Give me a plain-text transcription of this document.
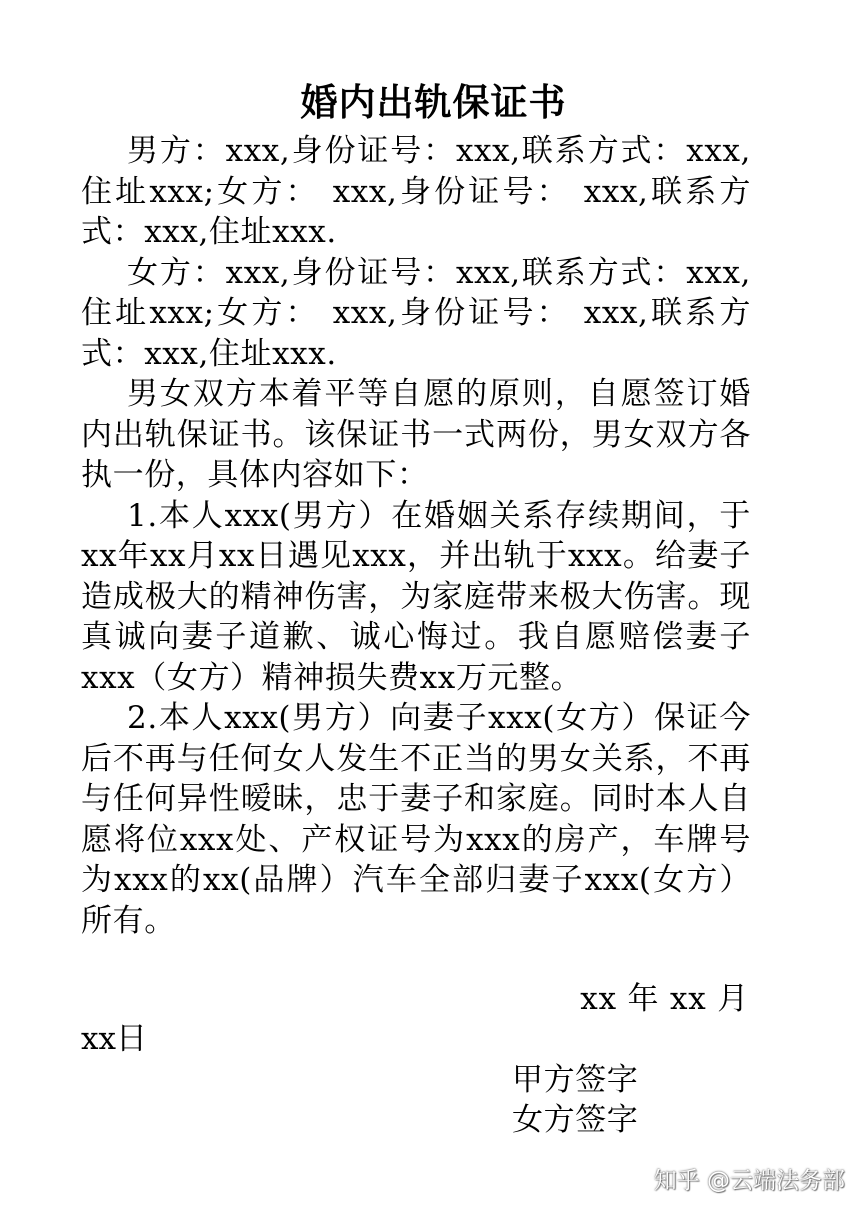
婚内出轨保证书

男方：xxx,身份证号：xxx,联系方式：xxx,住址xxx;女方： xxx,身份证号： xxx,联系方式：xxx,住址xxx.

女方：xxx,身份证号：xxx,联系方式：xxx,住址xxx;女方： xxx,身份证号： xxx,联系方式：xxx,住址xxx.

男女双方本着平等自愿的原则，自愿签订婚内出轨保证书。该保证书一式两份，男女双方各执一份，具体内容如下：

1.本人xxx(男方）在婚姻关系存续期间，于xx年xx月xx日遇见xxx，并出轨于xxx。给妻子造成极大的精神伤害，为家庭带来极大伤害。现真诚向妻子道歉、诚心悔过。我自愿赔偿妻子xxx（女方）精神损失费xx万元整。

2.本人xxx(男方）向妻子xxx(女方）保证今后不再与任何女人发生不正当的男女关系，不再与任何异性暧昧，忠于妻子和家庭。同时本人自愿将位xxx处、产权证号为xxx的房产，车牌号为xxx的xx(品牌）汽车全部归妻子xxx(女方）所有。

xx 年 xx 月
xx日
甲方签字
女方签字
知乎 @云端法务部
